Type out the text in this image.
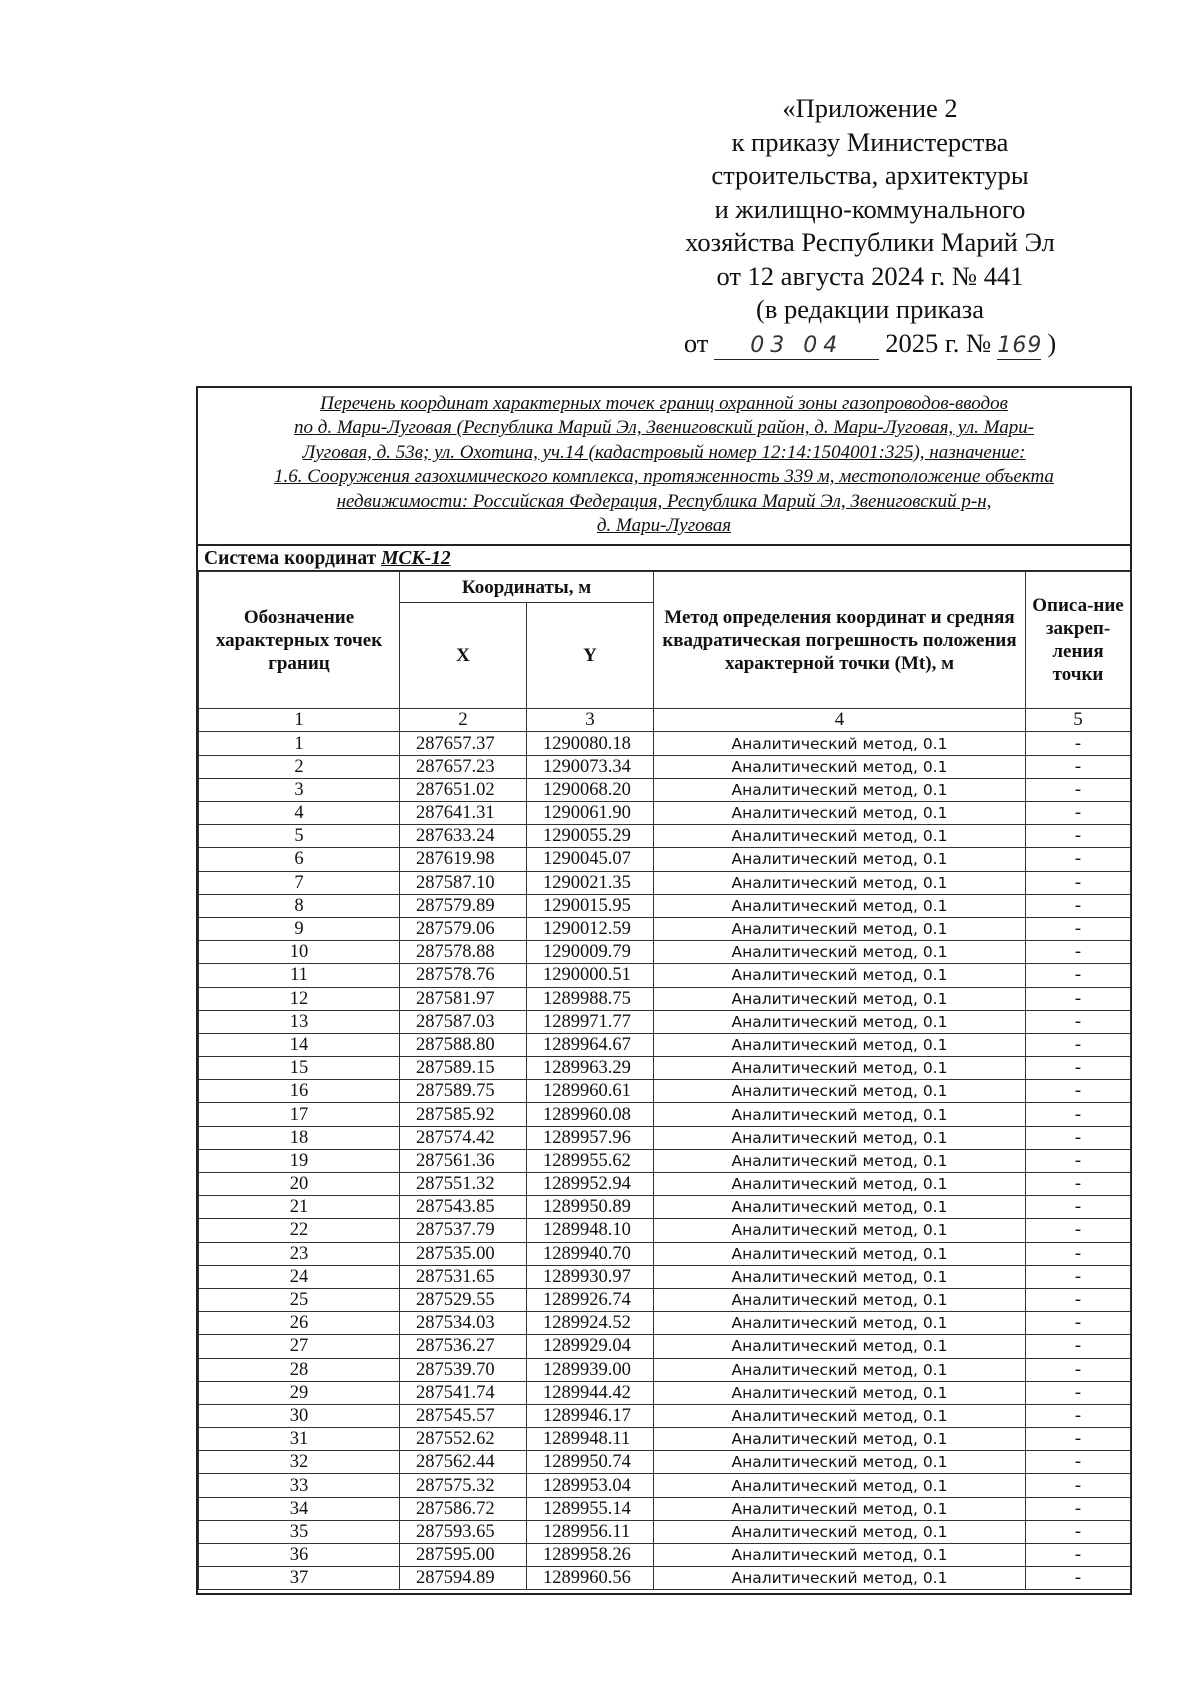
«Приложение 2
к приказу Министерства
строительства, архитектуры
и жилищно-коммунального
хозяйства Республики Марий Эл
от 12 августа 2024 г. № 441
(в редакции приказа
от	03 04	2025 г. № 169 )
Перечень координат характерных точек границ охранной зоны газопроводов-вводов
по д. Мари-Луговая (Республика Марий Эл, Звениговский район, д. Мари-Луговая, ул. Мари-
Луговая, д. 53в; ул. Охотина, уч.14 (кадастровый номер 12:14:1504001:325), назначение:
1.6. Сооружения газохимического комплекса, протяженность 339 м, местоположение объекта
недвижимости: Российская Федерация, Республика Марий Эл, Звениговский р-н,
д. Мари-Луговая
Система координат МСК-12
Обозначение характерных точек границ	Координаты, м		Метод определения координат и средняя квадратическая погрешность положения характерной точки (Mt), м	Описа-ние закреп-ления точки
	X	Y		
1	2	3	4	5
1	287657.37	1290080.18	Аналитический метод, 0.1	-
2	287657.23	1290073.34	Аналитический метод, 0.1	-
3	287651.02	1290068.20	Аналитический метод, 0.1	-
4	287641.31	1290061.90	Аналитический метод, 0.1	-
5	287633.24	1290055.29	Аналитический метод, 0.1	-
6	287619.98	1290045.07	Аналитический метод, 0.1	-
7	287587.10	1290021.35	Аналитический метод, 0.1	-
8	287579.89	1290015.95	Аналитический метод, 0.1	-
9	287579.06	1290012.59	Аналитический метод, 0.1	-
10	287578.88	1290009.79	Аналитический метод, 0.1	-
11	287578.76	1290000.51	Аналитический метод, 0.1	-
12	287581.97	1289988.75	Аналитический метод, 0.1	-
13	287587.03	1289971.77	Аналитический метод, 0.1	-
14	287588.80	1289964.67	Аналитический метод, 0.1	-
15	287589.15	1289963.29	Аналитический метод, 0.1	-
16	287589.75	1289960.61	Аналитический метод, 0.1	-
17	287585.92	1289960.08	Аналитический метод, 0.1	-
18	287574.42	1289957.96	Аналитический метод, 0.1	-
19	287561.36	1289955.62	Аналитический метод, 0.1	-
20	287551.32	1289952.94	Аналитический метод, 0.1	-
21	287543.85	1289950.89	Аналитический метод, 0.1	-
22	287537.79	1289948.10	Аналитический метод, 0.1	-
23	287535.00	1289940.70	Аналитический метод, 0.1	-
24	287531.65	1289930.97	Аналитический метод, 0.1	-
25	287529.55	1289926.74	Аналитический метод, 0.1	-
26	287534.03	1289924.52	Аналитический метод, 0.1	-
27	287536.27	1289929.04	Аналитический метод, 0.1	-
28	287539.70	1289939.00	Аналитический метод, 0.1	-
29	287541.74	1289944.42	Аналитический метод, 0.1	-
30	287545.57	1289946.17	Аналитический метод, 0.1	-
31	287552.62	1289948.11	Аналитический метод, 0.1	-
32	287562.44	1289950.74	Аналитический метод, 0.1	-
33	287575.32	1289953.04	Аналитический метод, 0.1	-
34	287586.72	1289955.14	Аналитический метод, 0.1	-
35	287593.65	1289956.11	Аналитический метод, 0.1	-
36	287595.00	1289958.26	Аналитический метод, 0.1	-
37	287594.89	1289960.56	Аналитический метод, 0.1	-
